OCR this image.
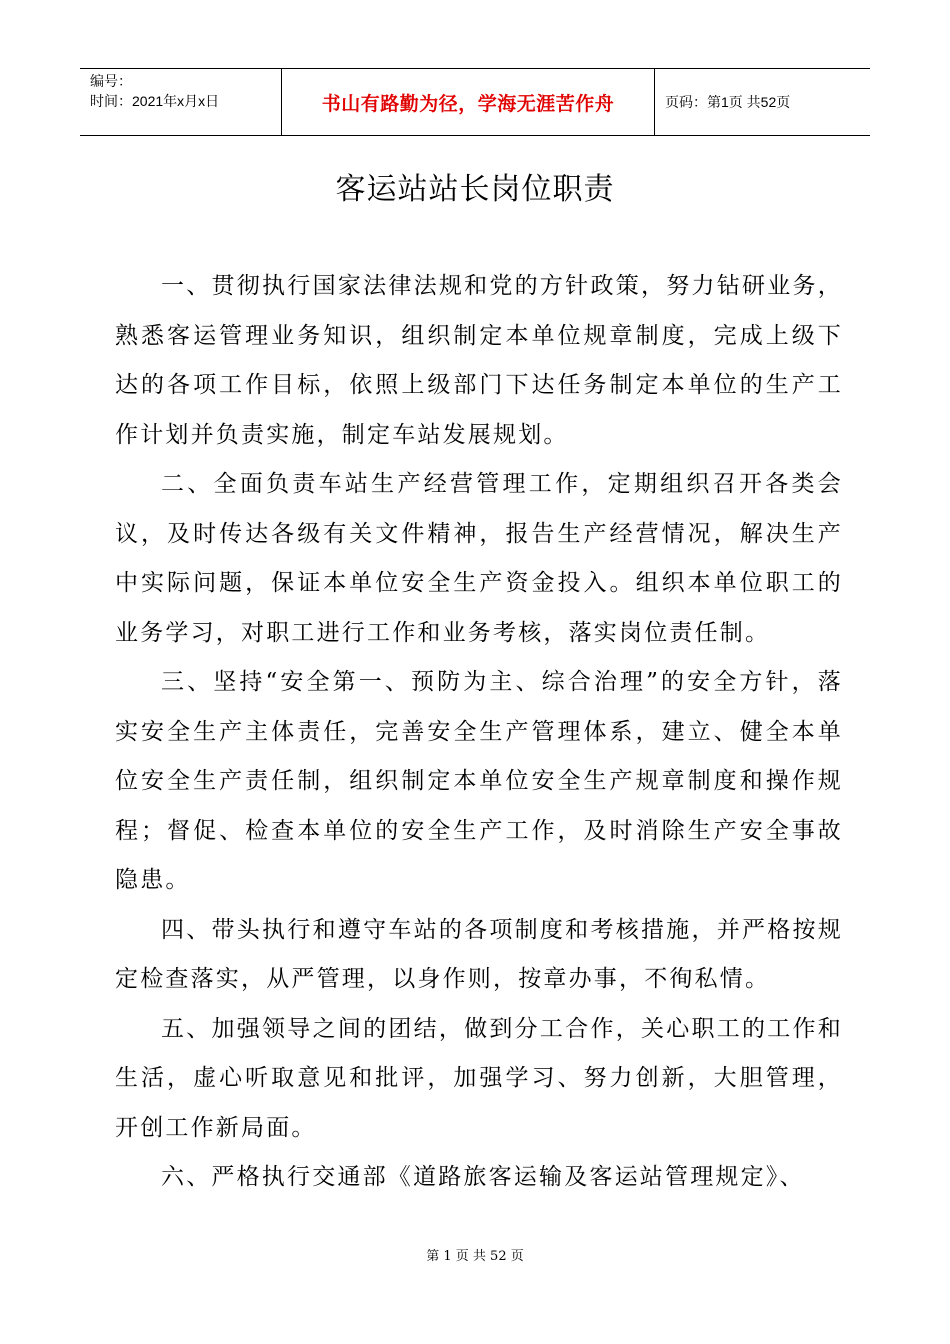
编号：
时间：2021年x月x日	书山有路勤为径，学海无涯苦作舟	页码：第1页 共52页
客运站站长岗位职责

一、贯彻执行国家法律法规和党的方针政策，努力钻研业务，熟悉客运管理业务知识，组织制定本单位规章制度，完成上级下达的各项工作目标，依照上级部门下达任务制定本单位的生产工作计划并负责实施，制定车站发展规划。

二、全面负责车站生产经营管理工作，定期组织召开各类会议，及时传达各级有关文件精神，报告生产经营情况，解决生产中实际问题，保证本单位安全生产资金投入。组织本单位职工的业务学习，对职工进行工作和业务考核，落实岗位责任制。

三、坚持“安全第一、预防为主、综合治理”的安全方针，落实安全生产主体责任，完善安全生产管理体系，建立、健全本单位安全生产责任制，组织制定本单位安全生产规章制度和操作规程；督促、检查本单位的安全生产工作，及时消除生产安全事故隐患。

四、带头执行和遵守车站的各项制度和考核措施，并严格按规定检查落实，从严管理，以身作则，按章办事，不徇私情。

五、加强领导之间的团结，做到分工合作，关心职工的工作和生活，虚心听取意见和批评，加强学习、努力创新，大胆管理，开创工作新局面。

六、严格执行交通部《道路旅客运输及客运站管理规定》、

第 1 页 共 52 页
